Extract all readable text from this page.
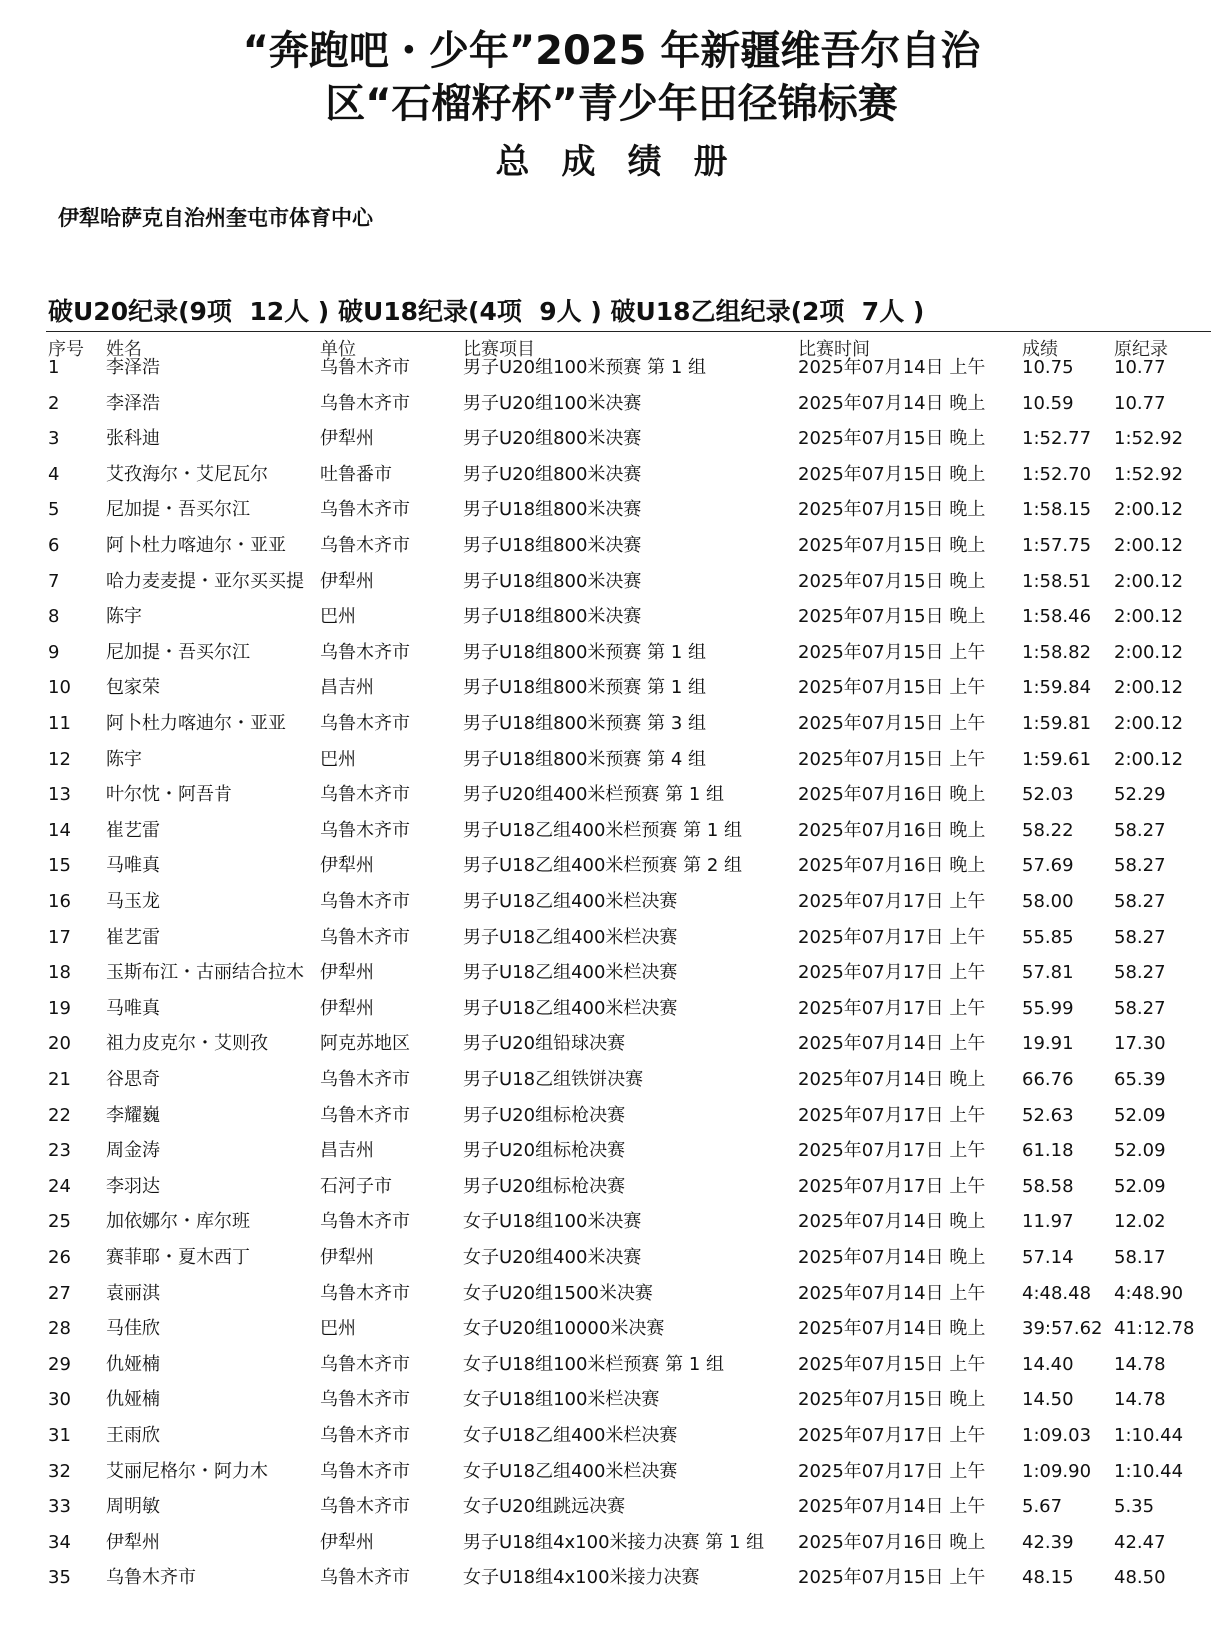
“奔跑吧・少年”2025 年新疆维吾尔自治
区“石榴籽杯”青少年田径锦标赛
总成绩册
伊犁哈萨克自治州奎屯市体育中心
破U20纪录(9项  12人 ) 破U18纪录(4项  9人 ) 破U18乙组纪录(2项  7人 )
序号 姓名	单位	比赛项目	比赛时间	成绩	原纪录
1	李泽浩	乌鲁木齐市	男子U20组100米预赛 第 1 组	2025年07月14日 上午 10.75 10.77
2	李泽浩	乌鲁木齐市	男子U20组100米决赛	2025年07月14日 晚上 10.59 10.77
3	张科迪	伊犁州	男子U20组800米决赛	2025年07月15日 晚上 1:52.77 1:52.92
4	艾孜海尔・艾尼瓦尔	吐鲁番市	男子U20组800米决赛	2025年07月15日 晚上 1:52.70 1:52.92
5	尼加提・吾买尔江	乌鲁木齐市	男子U18组800米决赛	2025年07月15日 晚上 1:58.15 2:00.12
6	阿卜杜力喀迪尔・亚亚	乌鲁木齐市	男子U18组800米决赛	2025年07月15日 晚上 1:57.75 2:00.12
7	哈力麦麦提・亚尔买买提 伊犁州	男子U18组800米决赛	2025年07月15日 晚上 1:58.51 2:00.12
8	陈宇	巴州	男子U18组800米决赛	2025年07月15日 晚上 1:58.46 2:00.12
9	尼加提・吾买尔江	乌鲁木齐市	男子U18组800米预赛 第 1 组	2025年07月15日 上午 1:58.82 2:00.12
10 包家荣	昌吉州	男子U18组800米预赛 第 1 组	2025年07月15日 上午 1:59.84 2:00.12
11 阿卜杜力喀迪尔・亚亚	乌鲁木齐市	男子U18组800米预赛 第 3 组	2025年07月15日 上午 1:59.81 2:00.12
12 陈宇	巴州	男子U18组800米预赛 第 4 组	2025年07月15日 上午 1:59.61 2:00.12
13 叶尔忱・阿吾肯	乌鲁木齐市	男子U20组400米栏预赛 第 1 组	2025年07月16日 晚上 52.03 52.29
14 崔艺雷	乌鲁木齐市	男子U18乙组400米栏预赛 第 1 组	2025年07月16日 晚上 58.22 58.27
15 马唯真	伊犁州	男子U18乙组400米栏预赛 第 2 组	2025年07月16日 晚上 57.69 58.27
16 马玉龙	乌鲁木齐市	男子U18乙组400米栏决赛	2025年07月17日 上午 58.00 58.27
17 崔艺雷	乌鲁木齐市	男子U18乙组400米栏决赛	2025年07月17日 上午 55.85 58.27
18 玉斯布江・古丽结合拉木 伊犁州	男子U18乙组400米栏决赛	2025年07月17日 上午 57.81 58.27
19 马唯真	伊犁州	男子U18乙组400米栏决赛	2025年07月17日 上午 55.99 58.27
20 祖力皮克尔・艾则孜	阿克苏地区	男子U20组铅球决赛	2025年07月14日 上午 19.91 17.30
21 谷思奇	乌鲁木齐市	男子U18乙组铁饼决赛	2025年07月14日 晚上 66.76 65.39
22 李耀巍	乌鲁木齐市	男子U20组标枪决赛	2025年07月17日 上午 52.63 52.09
23 周金涛	昌吉州	男子U20组标枪决赛	2025年07月17日 上午 61.18 52.09
24 李羽达	石河子市	男子U20组标枪决赛	2025年07月17日 上午 58.58 52.09
25 加依娜尔・库尔班	乌鲁木齐市	女子U18组100米决赛	2025年07月14日 晚上 11.97 12.02
26 赛菲耶・夏木西丁	伊犁州	女子U20组400米决赛	2025年07月14日 晚上 57.14 58.17
27 袁丽淇	乌鲁木齐市	女子U20组1500米决赛	2025年07月14日 上午 4:48.48 4:48.90
28 马佳欣	巴州	女子U20组10000米决赛	2025年07月14日 晚上 39:57.62 41:12.78
29 仇娅楠	乌鲁木齐市	女子U18组100米栏预赛 第 1 组	2025年07月15日 上午 14.40 14.78
30 仇娅楠	乌鲁木齐市	女子U18组100米栏决赛	2025年07月15日 晚上 14.50 14.78
31 王雨欣	乌鲁木齐市	女子U18乙组400米栏决赛	2025年07月17日 上午 1:09.03 1:10.44
32 艾丽尼格尔・阿力木	乌鲁木齐市	女子U18乙组400米栏决赛	2025年07月17日 上午 1:09.90 1:10.44
33 周明敏	乌鲁木齐市	女子U20组跳远决赛	2025年07月14日 上午 5.67	5.35
34 伊犁州	伊犁州	男子U18组4x100米接力决赛 第 1 组 2025年07月16日 晚上 42.39 42.47
35 乌鲁木齐市	乌鲁木齐市	女子U18组4x100米接力决赛	2025年07月15日 上午 48.15 48.50
